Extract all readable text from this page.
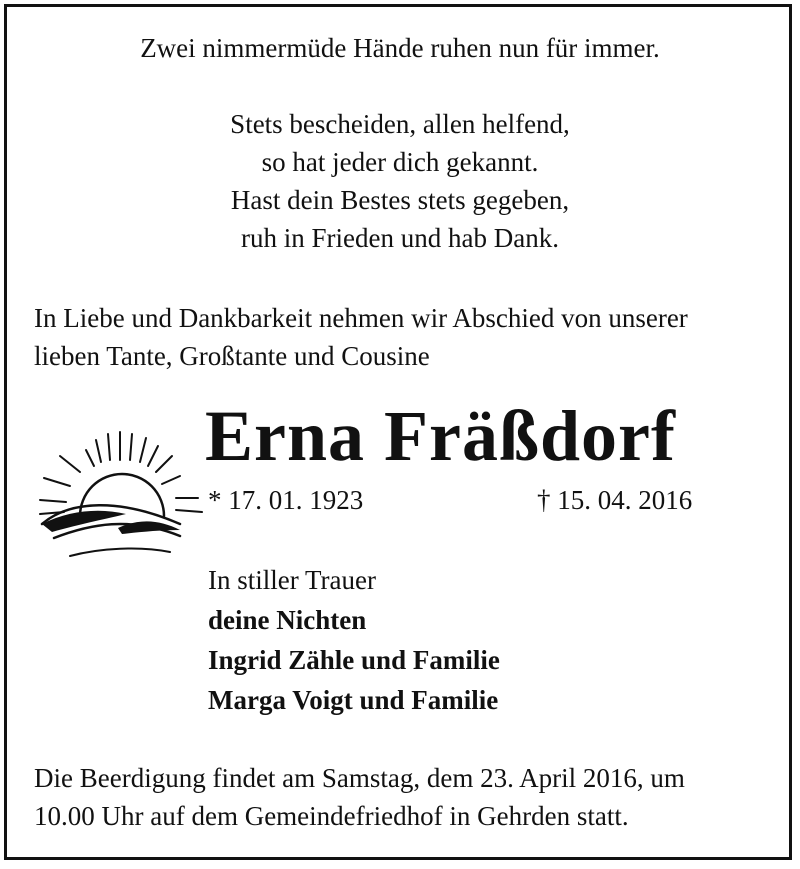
Zwei nimmermüde Hände ruhen nun für immer.
Stets bescheiden, allen helfend,
so hat jeder dich gekannt.
Hast dein Bestes stets gegeben,
ruh in Frieden und hab Dank.
In Liebe und Dankbarkeit nehmen wir Abschied von unserer
lieben Tante, Großtante und Cousine
Erna Fräßdorf
* 17. 01. 1923	† 15. 04. 2016
In stiller Trauer
deine Nichten
Ingrid Zähle und Familie
Marga Voigt und Familie
Die Beerdigung findet am Samstag, dem 23. April 2016, um
10.00 Uhr auf dem Gemeindefriedhof in Gehrden statt.
